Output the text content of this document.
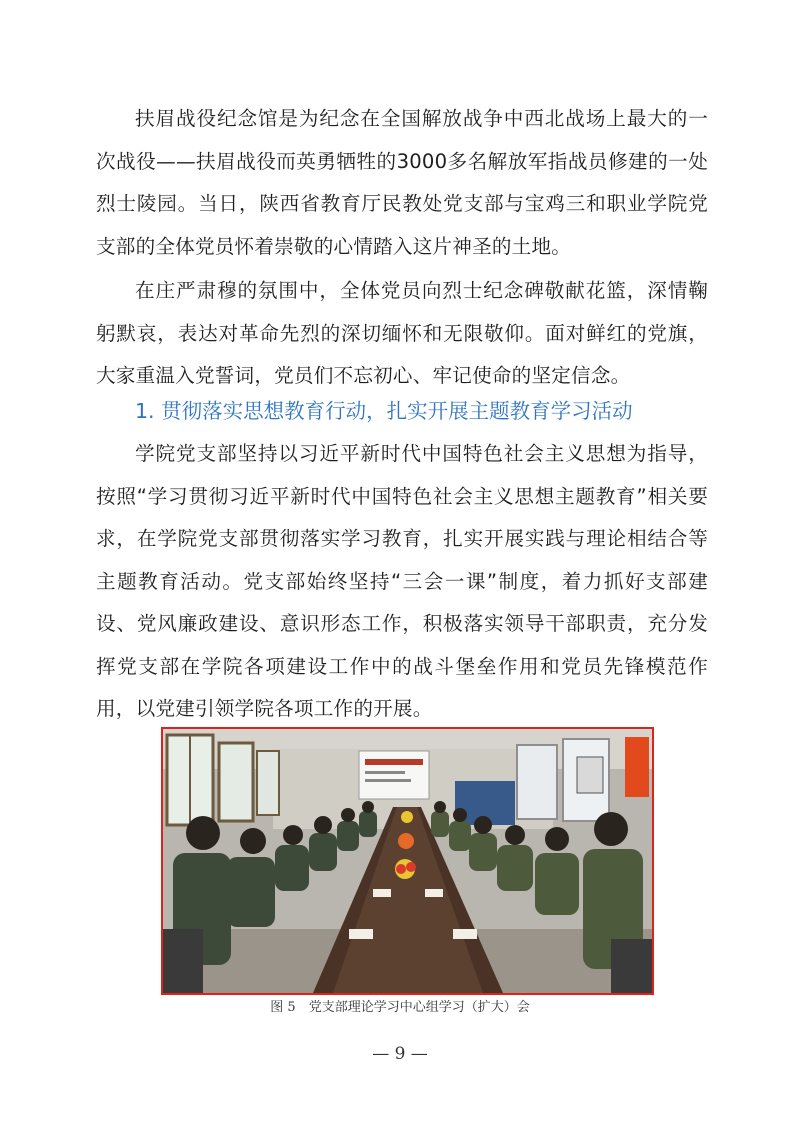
扶眉战役纪念馆是为纪念在全国解放战争中西北战场上最大的一次战役——扶眉战役而英勇牺牲的3000多名解放军指战员修建的一处烈士陵园。当日，陕西省教育厅民教处党支部与宝鸡三和职业学院党支部的全体党员怀着崇敬的心情踏入这片神圣的土地。

在庄严肃穆的氛围中，全体党员向烈士纪念碑敬献花篮，深情鞠躬默哀，表达对革命先烈的深切缅怀和无限敬仰。面对鲜红的党旗，大家重温入党誓词，党员们不忘初心、牢记使命的坚定信念。

1. 贯彻落实思想教育行动，扎实开展主题教育学习活动

学院党支部坚持以习近平新时代中国特色社会主义思想为指导，按照“学习贯彻习近平新时代中国特色社会主义思想主题教育”相关要求，在学院党支部贯彻落实学习教育，扎实开展实践与理论相结合等主题教育活动。党支部始终坚持“三会一课”制度，着力抓好支部建设、党风廉政建设、意识形态工作，积极落实领导干部职责，充分发挥党支部在学院各项建设工作中的战斗堡垒作用和党员先锋模范作用，以党建引领学院各项工作的开展。

图 5　党支部理论学习中心组学习（扩大）会
— 9 —
